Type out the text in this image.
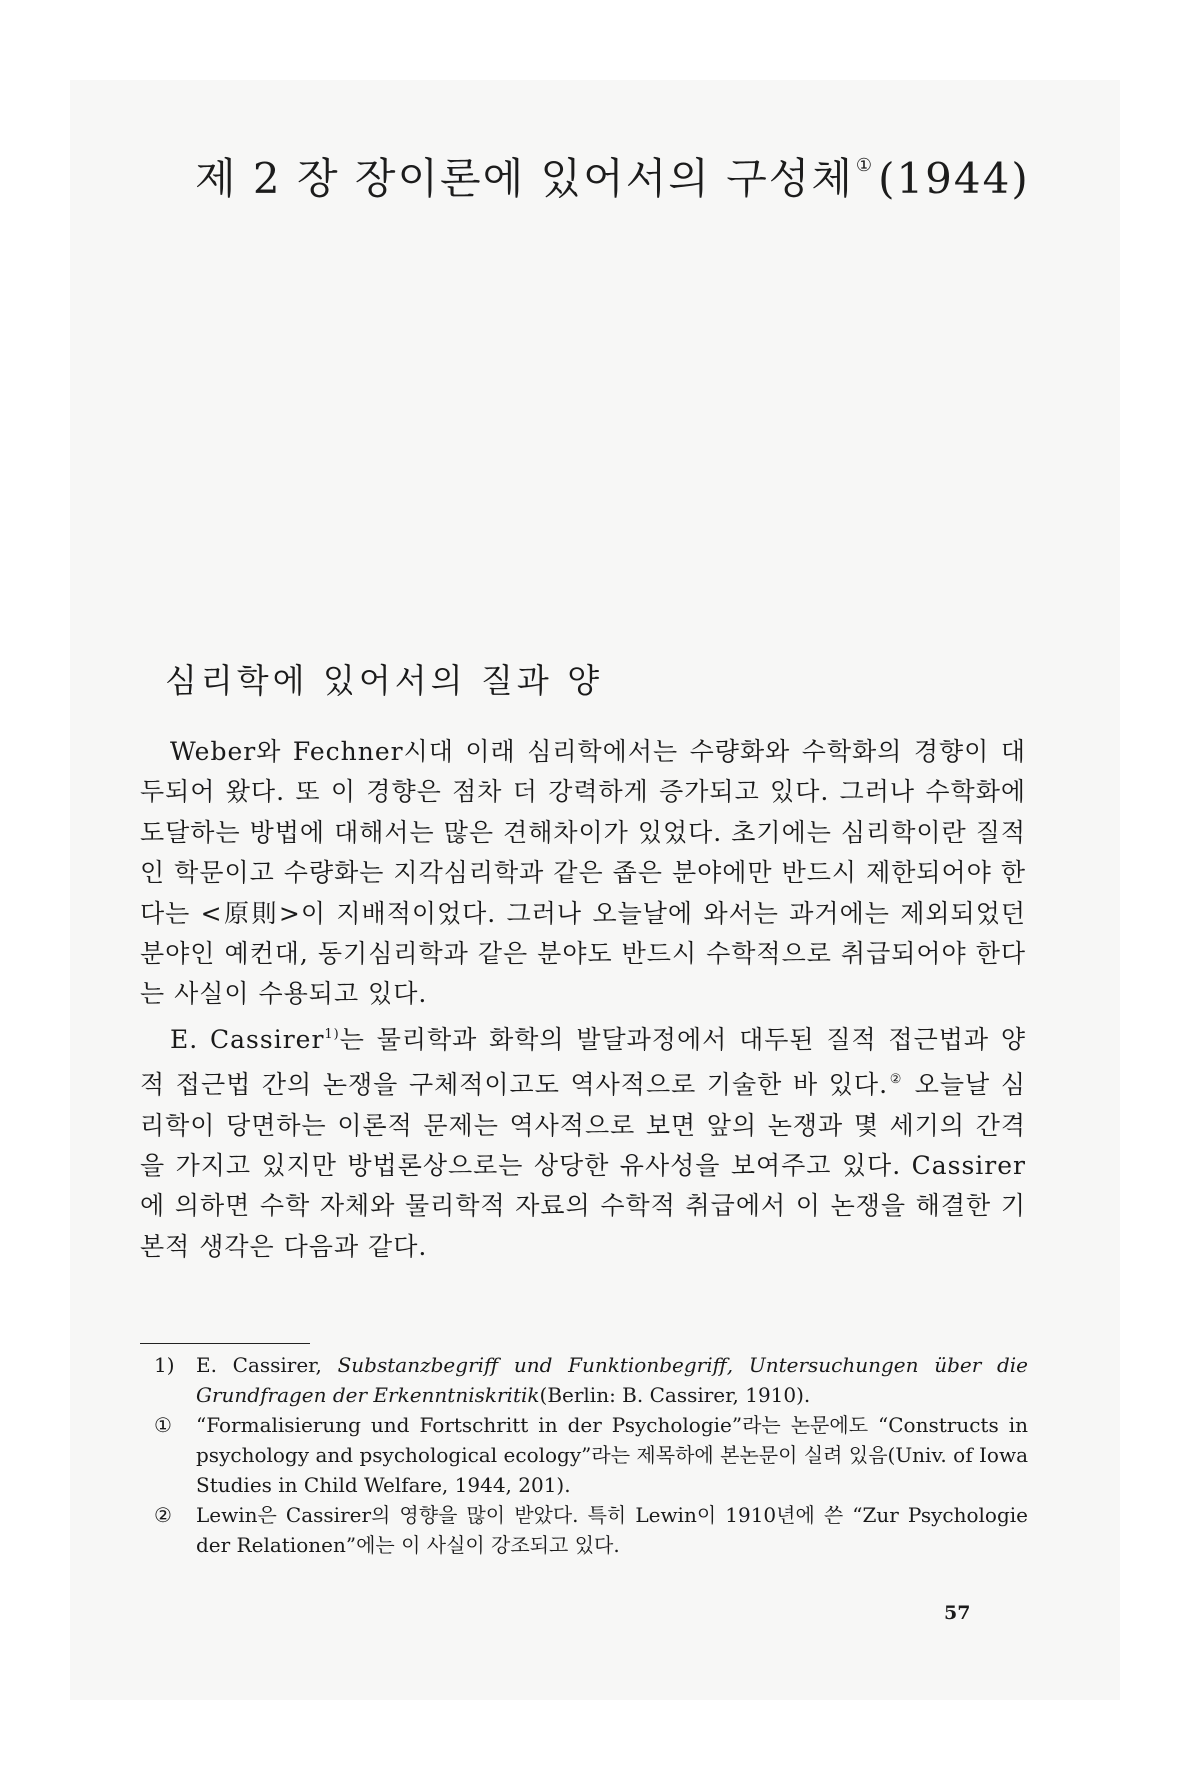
제 2 장 장이론에 있어서의 구성체 ①(1944)
심리학에 있어서의 질과 양

Weber와 Fechner시대 이래 심리학에서는 수량화와 수학화의 경향이 대두되어 왔다. 또 이 경향은 점차 더 강력하게 증가되고 있다. 그러나 수학화에 도달하는 방법에 대해서는 많은 견해차이가 있었다. 초기에는 심리학이란 질적인 학문이고 수량화는 지각심리학과 같은 좁은 분야에만 반드시 제한되어야 한다는 <原則>이 지배적이었다. 그러나 오늘날에 와서는 과거에는 제외되었던 분야인 예컨대, 동기심리학과 같은 분야도 반드시 수학적으로 취급되어야 한다는 사실이 수용되고 있다.

E. Cassirer$^{1)}$는 물리학과 화학의 발달과정에서 대두된 질적 접근법과 양적 접근법 간의 논쟁을 구체적이고도 역사적으로 기술한 바 있다.② 오늘날 심리학이 당면하는 이론적 문제는 역사적으로 보면 앞의 논쟁과 몇 세기의 간격을 가지고 있지만 방법론상으로는 상당한 유사성을 보여주고 있다. Cassirer에 의하면 수학 자체와 물리학적 자료의 수학적 취급에서 이 논쟁을 해결한 기본적 생각은 다음과 같다.

1) E. Cassirer, Substanzbegriff und Funktionbegriff, Untersuchungen über die Grundfragen der Erkenntniskritik(Berlin: B. Cassirer, 1910).

① “Formalisierung und Fortschritt in der Psychologie”라는 논문에도 “Constructs in psychology and psychological ecology”라는 제목하에 본논문이 실려 있음(Univ. of Iowa Studies in Child Welfare, 1944, 201).

② Lewin은 Cassirer의 영향을 많이 받았다. 특히 Lewin이 1910년에 쓴 “Zur Psychologie der Relationen”에는 이 사실이 강조되고 있다.

57
